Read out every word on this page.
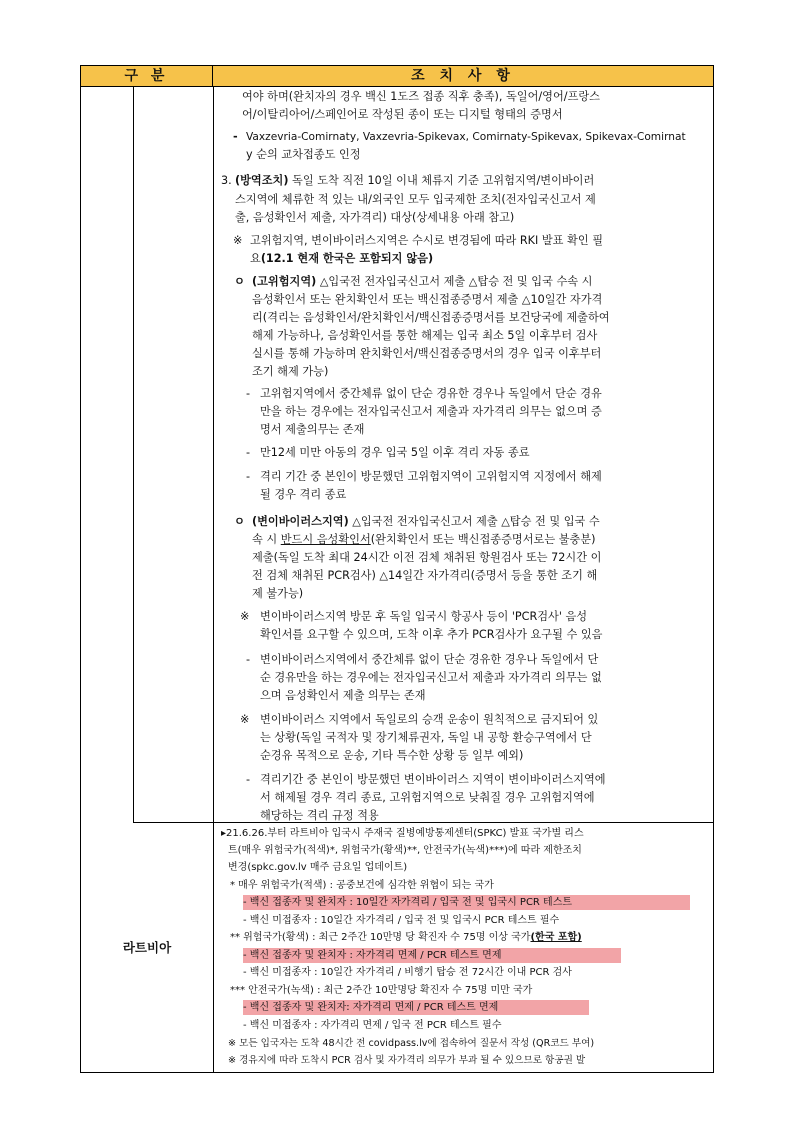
구 분	조 치 사 항
라트비아
여야 하며(완치자의 경우 백신 1도즈 접종 직후 충족), 독일어/영어/프랑스
어/이탈리아어/스페인어로 작성된 종이 또는 디지털 형태의 증명서
- Vaxzevria-Comirnaty, Vaxzevria-Spikevax, Comirnaty-Spikevax, Spikevax-Comirnat
y 순의 교차접종도 인정
3. (방역조치) 독일 도착 직전 10일 이내 체류지 기준 고위험지역/변이바이러
스지역에 체류한 적 있는 내/외국인 모두 입국제한 조치(전자입국신고서 제
출, 음성확인서 제출, 자가격리) 대상(상세내용 아래 참고)
※ 고위험지역, 변이바이러스지역은 수시로 변경됨에 따라 RKI 발표 확인 필
요(12.1 현재 한국은 포함되지 않음)
ㅇ (고위험지역) △입국전 전자입국신고서 제출 △탑승 전 및 입국 수속 시
음성확인서 또는 완치확인서 또는 백신접종증명서 제출 △10일간 자가격
리(격리는 음성확인서/완치확인서/백신접종증명서를 보건당국에 제출하여
해제 가능하나, 음성확인서를 통한 해제는 입국 최소 5일 이후부터 검사
실시를 통해 가능하며 완치확인서/백신접종증명서의 경우 입국 이후부터
조기 해제 가능)
- 고위험지역에서 중간체류 없이 단순 경유한 경우나 독일에서 단순 경유
만을 하는 경우에는 전자입국신고서 제출과 자가격리 의무는 없으며 증
명서 제출의무는 존재
- 만12세 미만 아동의 경우 입국 5일 이후 격리 자동 종료
- 격리 기간 중 본인이 방문했던 고위험지역이 고위험지역 지정에서 해제
될 경우 격리 종료
ㅇ (변이바이러스지역) △입국전 전자입국신고서 제출 △탑승 전 및 입국 수
속 시 반드시 음성확인서(완치확인서 또는 백신접종증명서로는 불충분)
제출(독일 도착 최대 24시간 이전 검체 채취된 항원검사 또는 72시간 이
전 검체 채취된 PCR검사) △14일간 자가격리(증명서 등을 통한 조기 해
제 불가능)
※ 변이바이러스지역 방문 후 독일 입국시 항공사 등이 'PCR검사' 음성
확인서를 요구할 수 있으며, 도착 이후 추가 PCR검사가 요구될 수 있음
- 변이바이러스지역에서 중간체류 없이 단순 경유한 경우나 독일에서 단
순 경유만을 하는 경우에는 전자입국신고서 제출과 자가격리 의무는 없
으며 음성확인서 제출 의무는 존재
※ 변이바이러스 지역에서 독일로의 승객 운송이 원칙적으로 금지되어 있
는 상황(독일 국적자 및 장기체류권자, 독일 내 공항 환승구역에서 단
순경유 목적으로 운송, 기타 특수한 상황 등 일부 예외)
- 격리기간 중 본인이 방문했던 변이바이러스 지역이 변이바이러스지역에
서 해제될 경우 격리 종료, 고위험지역으로 낮춰질 경우 고위험지역에
해당하는 격리 규정 적용
▸21.6.26.부터 라트비아 입국시 주재국 질병예방통제센터(SPKC) 발표 국가별 리스
트(매우 위험국가(적색)*, 위험국가(황색)**, 안전국가(녹색)***)에 따라 제한조치
변경(spkc.gov.lv 매주 금요일 업데이트)
* 매우 위험국가(적색) : 공중보건에 심각한 위협이 되는 국가
- 백신 접종자 및 완치자 : 10일간 자가격리 / 입국 전 및 입국시 PCR 테스트
- 백신 미접종자 : 10일간 자가격리 / 입국 전 및 입국시 PCR 테스트 필수
** 위험국가(황색) : 최근 2주간 10만명 당 확진자 수 75명 이상 국가(한국 포함)
- 백신 접종자 및 완치자 : 자가격리 면제 / PCR 테스트 면제
- 백신 미접종자 : 10일간 자가격리 / 비행기 탑승 전 72시간 이내 PCR 검사
*** 안전국가(녹색) : 최근 2주간 10만명당 확진자 수 75명 미만 국가
- 백신 접종자 및 완치자: 자가격리 면제 / PCR 테스트 면제
- 백신 미접종자 : 자가격리 면제 / 입국 전 PCR 테스트 필수
※ 모든 입국자는 도착 48시간 전 covidpass.lv에 접속하여 질문서 작성 (QR코드 부여)
※ 경유지에 따라 도착시 PCR 검사 및 자가격리 의무가 부과 될 수 있으므로 항공권 발
